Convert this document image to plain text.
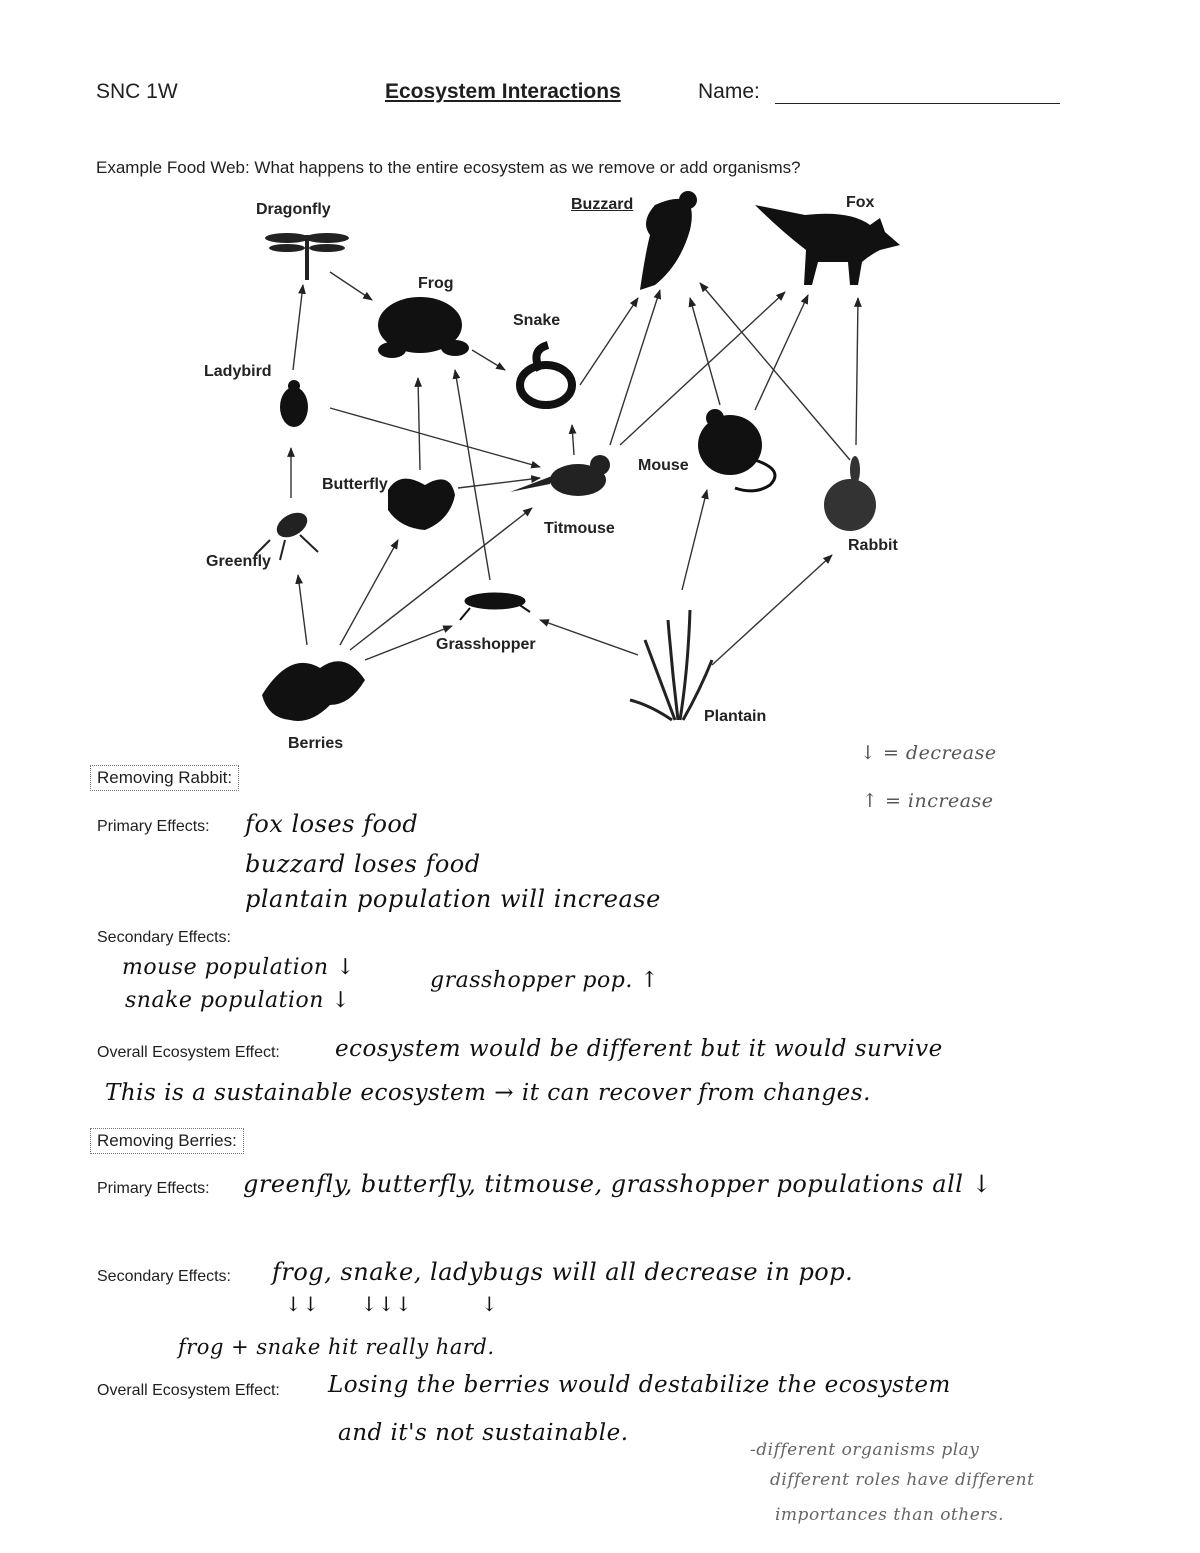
SNC 1W	Ecosystem Interactions	Name:
Example Food Web: What happens to the entire ecosystem as we remove or add organisms?
Dragonfly	Buzzard	Fox
Frog
Snake
Ladybird
Butterfly
Mouse
Titmouse
Rabbit
Greenfly
Grasshopper
Plantain
Berries	↓ = decrease
↑ = increase
Removing Rabbit:
Primary Effects: fox loses food
buzzard loses food
plantain population will increase
Secondary Effects:
mouse population ↓
snake population ↓
grasshopper pop. ↑
Overall Ecosystem Effect: ecosystem would be different but it would survive
This is a sustainable ecosystem → it can recover from changes.
Removing Berries:
Primary Effects: greenfly, butterfly, titmouse, grasshopper populations all ↓
Secondary Effects: frog, snake, ladybugs will all decrease in pop.
↓↓      ↓↓↓          ↓
frog + snake hit really hard.
Overall Ecosystem Effect: Losing the berries would destabilize the ecosystem
and it's not sustainable.
-different organisms play
different roles have different
importances than others.
